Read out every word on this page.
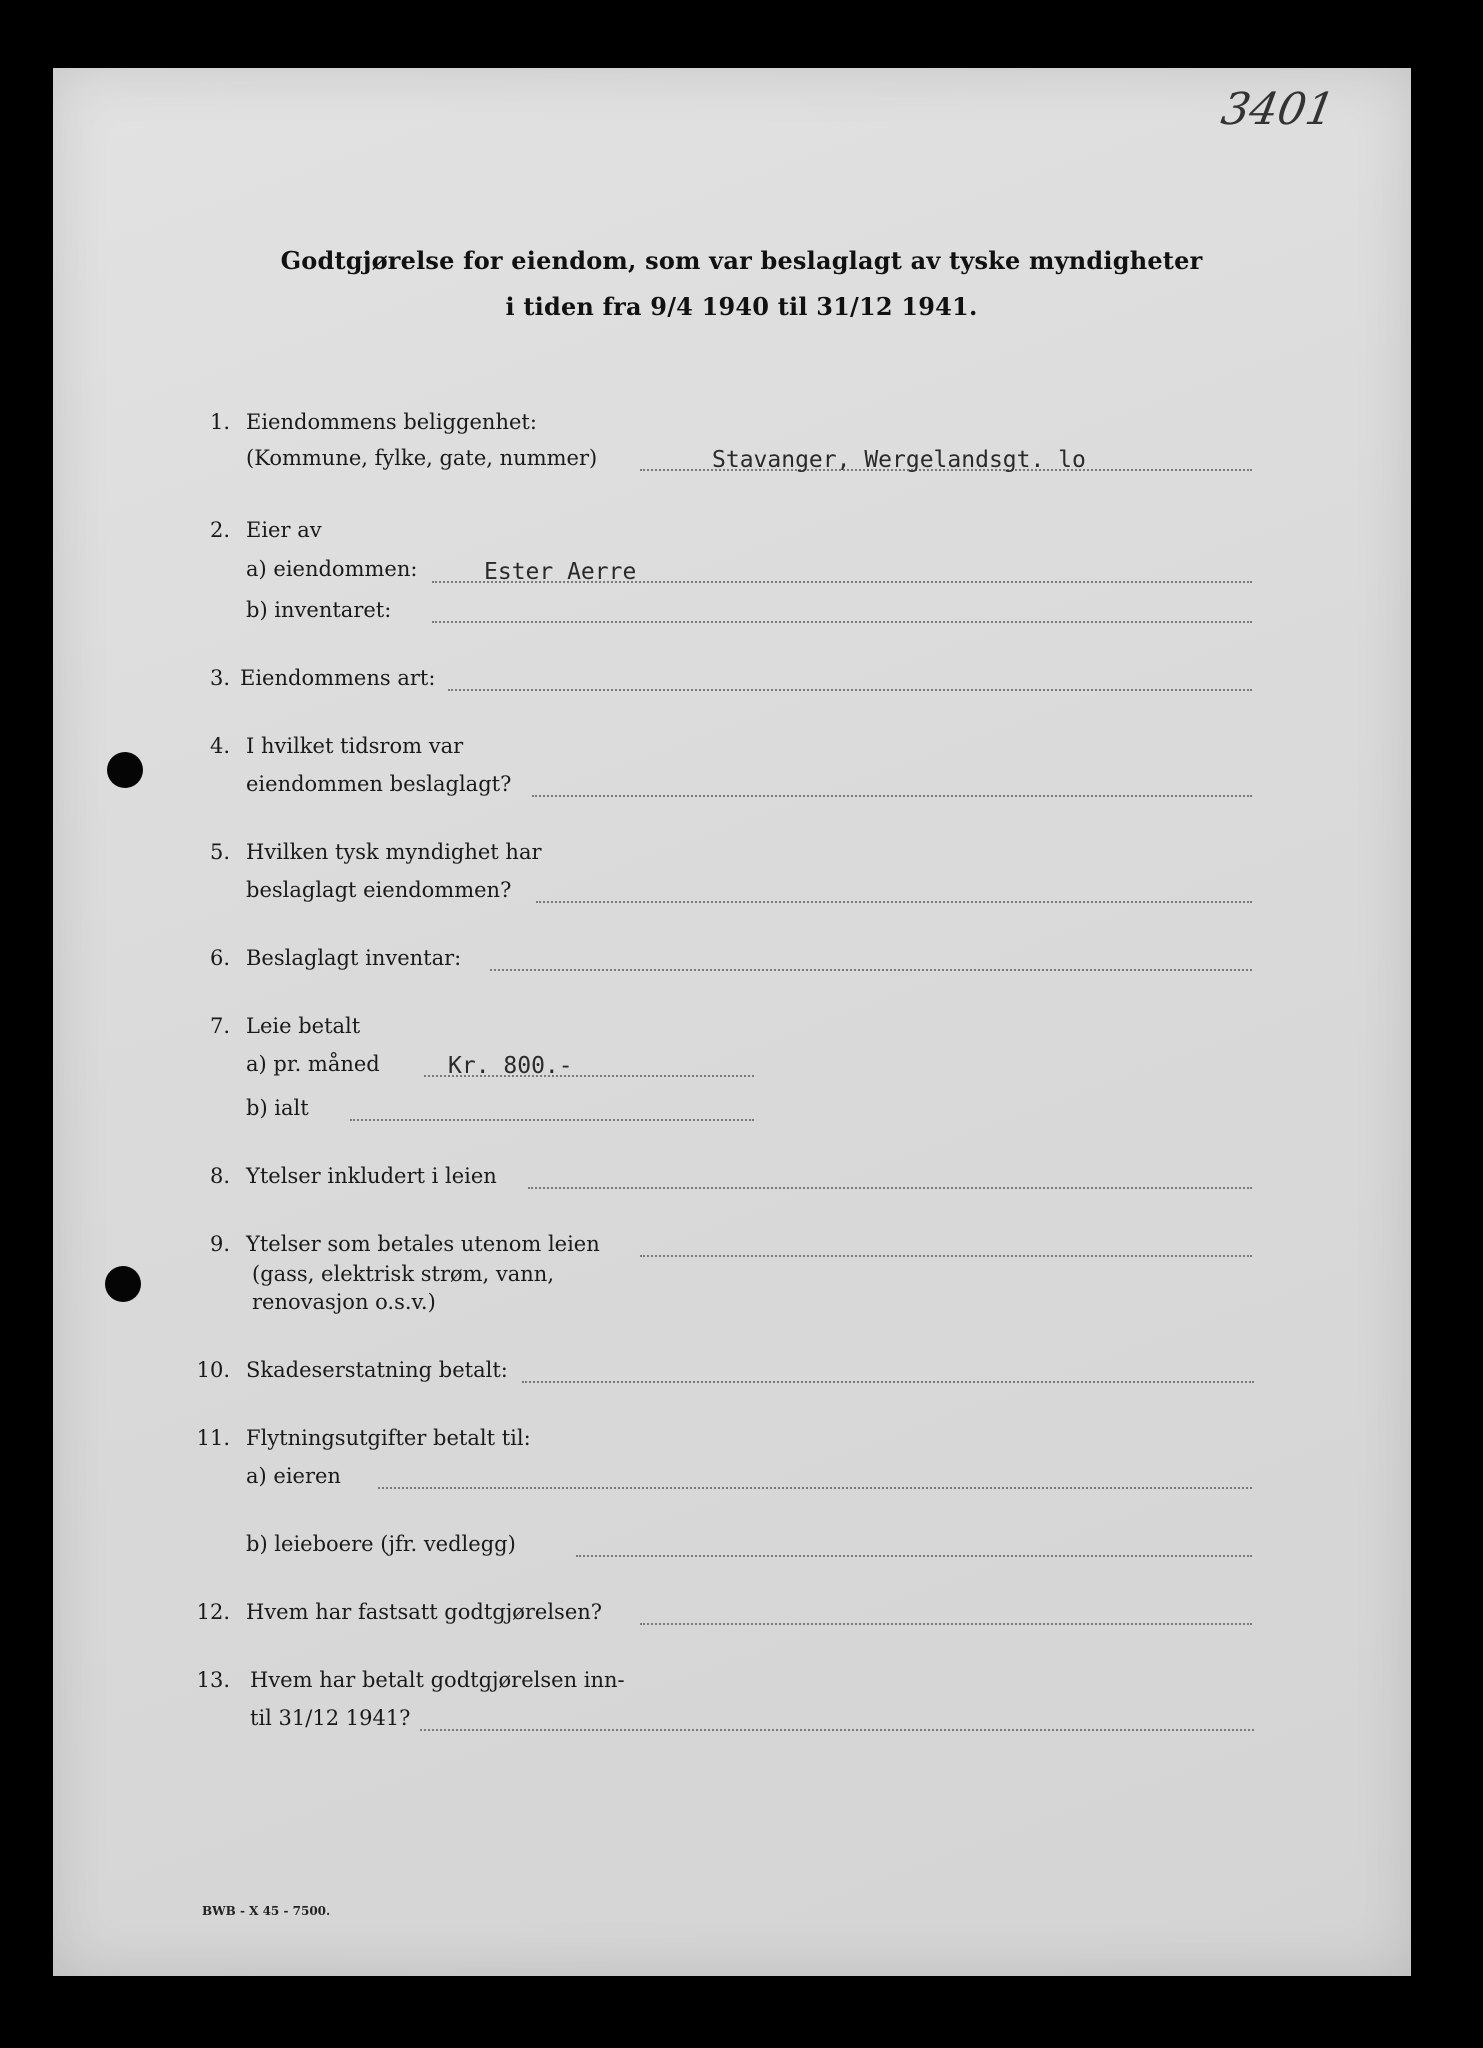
3401
Godtgjørelse for eiendom, som var beslaglagt av tyske myndigheter
i tiden fra 9/4 1940 til 31/12 1941.
1. Eiendommens beliggenhet:
(Kommune, fylke, gate, nummer)	Stavanger, Wergelandsgt. lo
2. Eier av
a) eiendommen:	Ester Aerre
b) inventaret:
3. Eiendommens art:
4. I hvilket tidsrom var
eiendommen beslaglagt?
5. Hvilken tysk myndighet har
beslaglagt eiendommen?
6. Beslaglagt inventar:
7. Leie betalt
a) pr. måned	Kr. 800.-
b) ialt
8. Ytelser inkludert i leien
9. Ytelser som betales utenom leien
(gass, elektrisk strøm, vann,
renovasjon o.s.v.)
10. Skadeserstatning betalt:
11. Flytningsutgifter betalt til:
a) eieren
b) leieboere (jfr. vedlegg)
12. Hvem har fastsatt godtgjørelsen?
13. Hvem har betalt godtgjørelsen inn-
til 31/12 1941?
BWB - X 45 - 7500.
